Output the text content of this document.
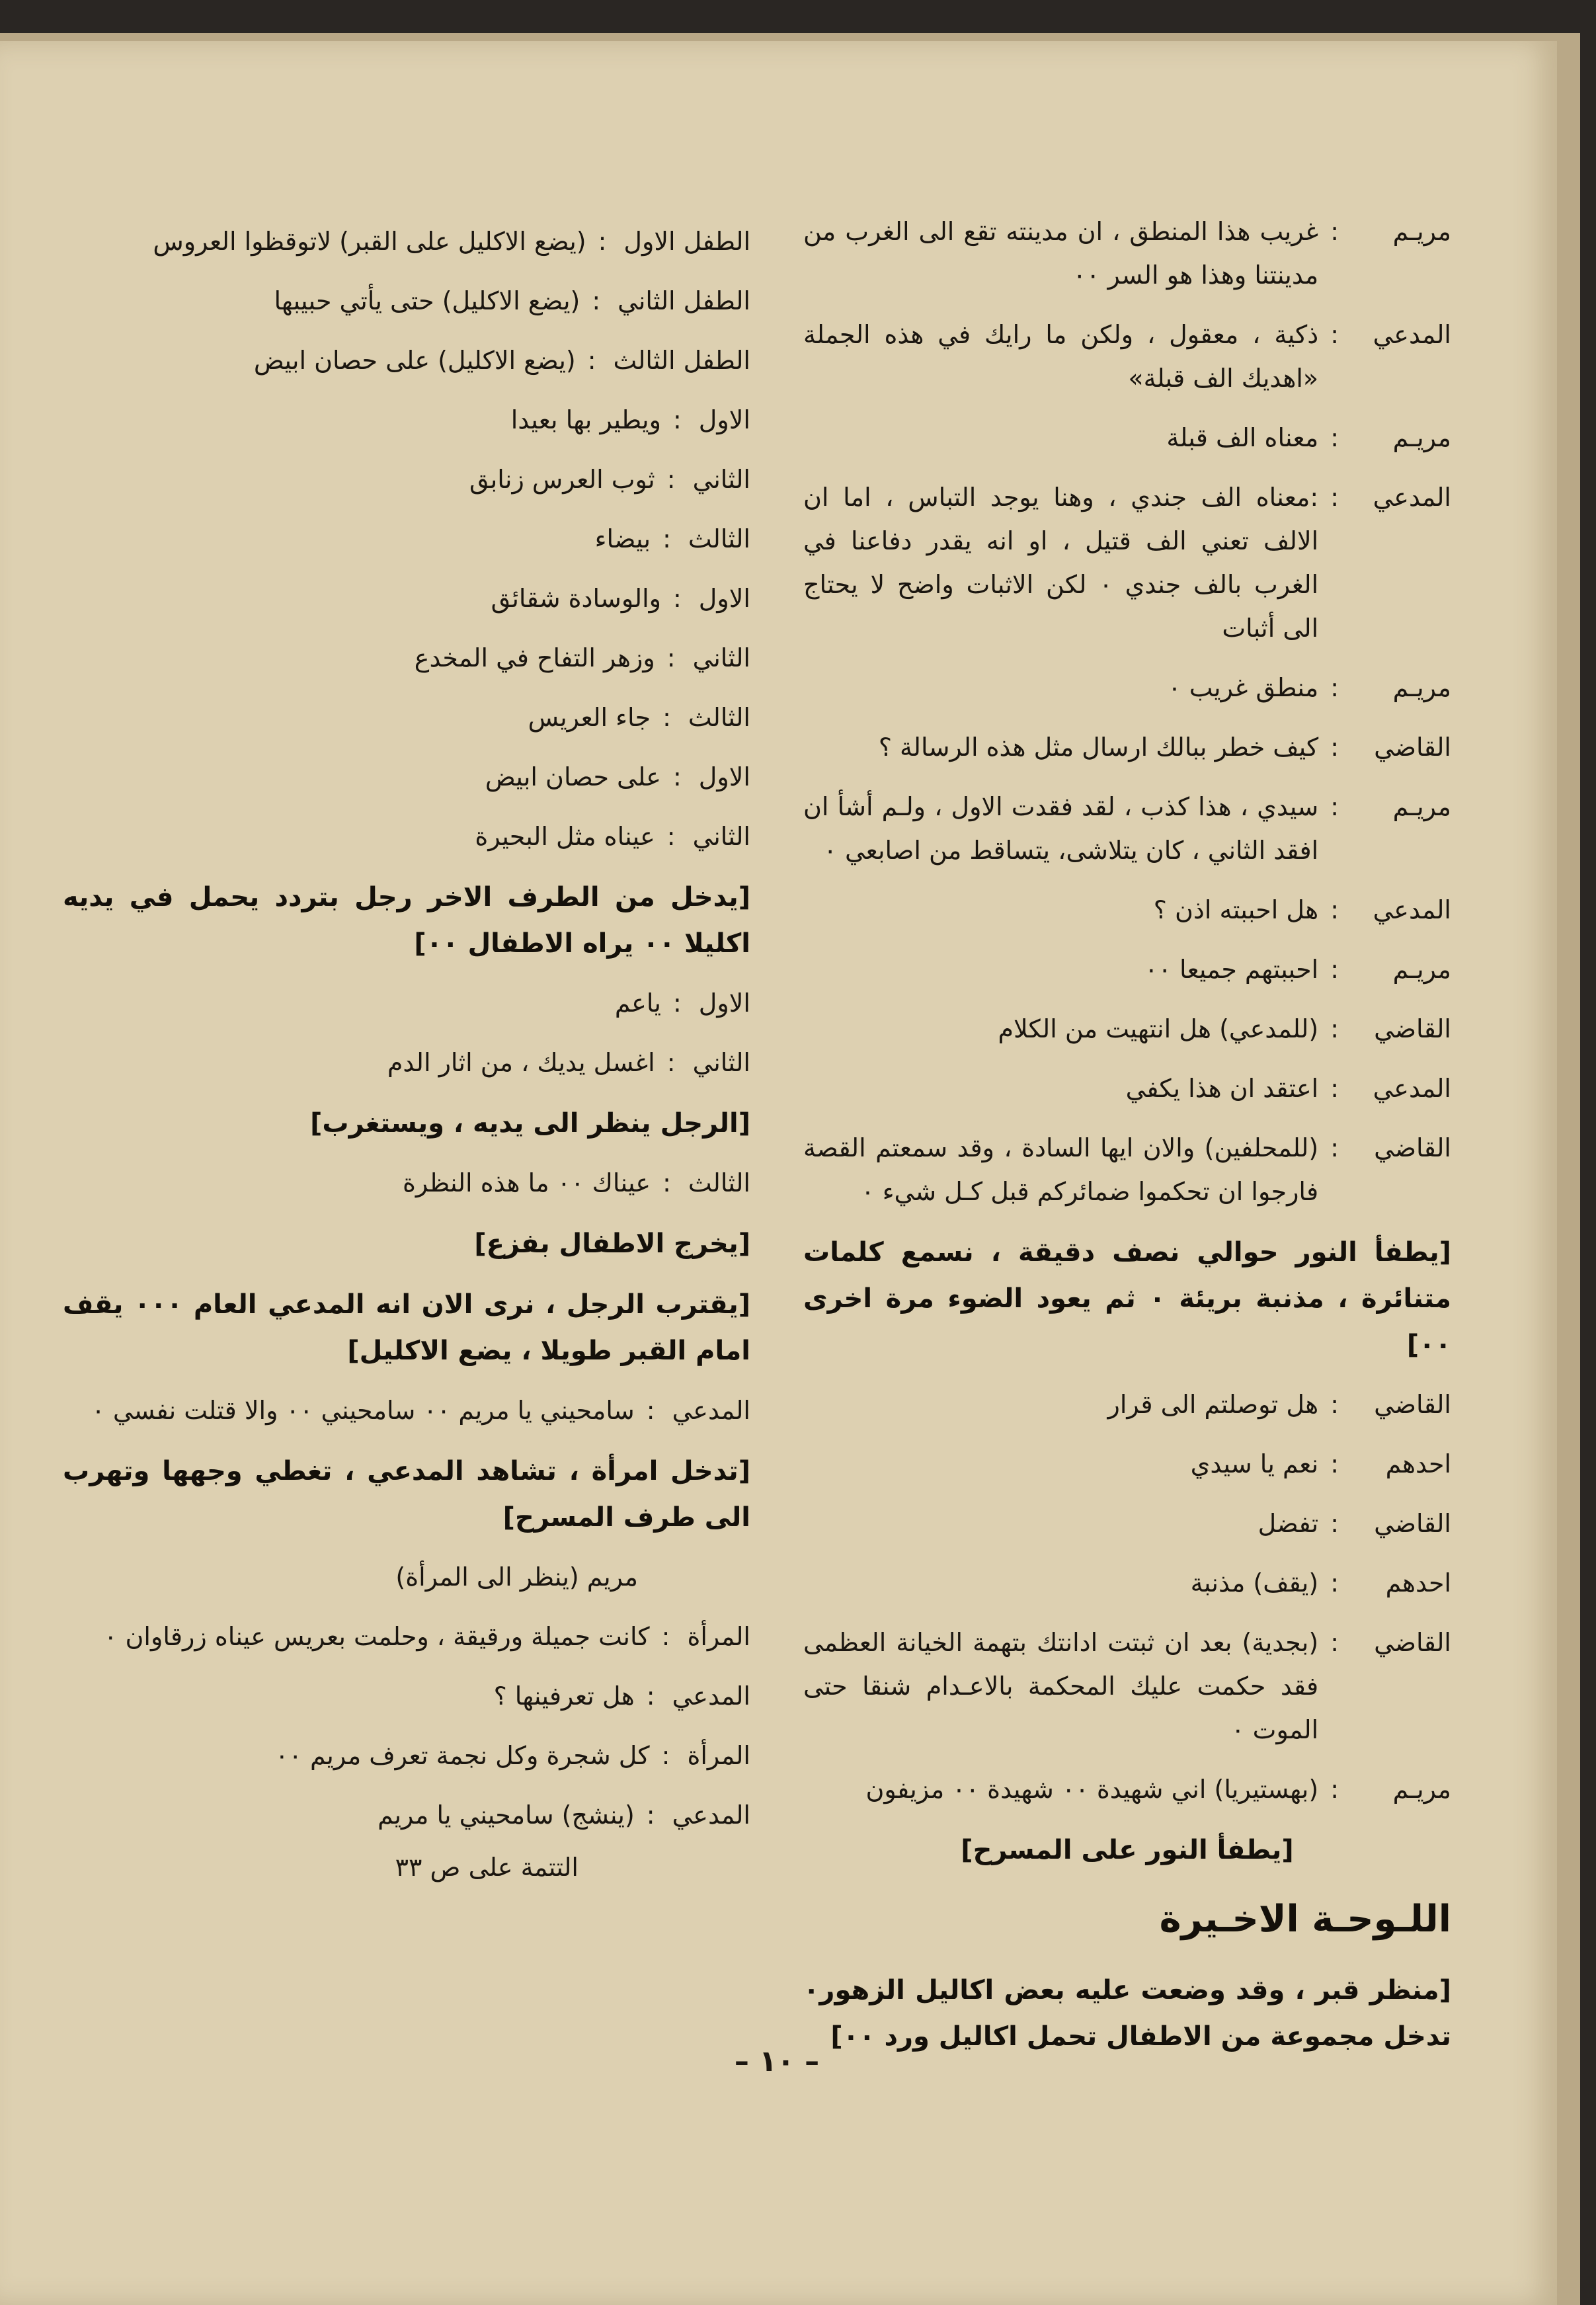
مريـم
:
غريب هذا المنطق ، ان مدينته تقع الى الغرب من مدينتنا وهذا هو السر ٠٠
المدعي
:
ذكية ، معقول ، ولكن ما رايك في هذه الجملة «اهديك الف قبلة»
مريـم
:
معناه الف قبلة
المدعي
:
:معناه الف جندي ، وهنا يوجد التباس ، اما ان الالف تعني الف قتيل ، او انه يقدر دفاعنا في الغرب بالف جندي ٠ لكن الاثبات واضح لا يحتاج الى أثبات
مريـم
:
منطق غريب ٠
القاضي
:
كيف خطر ببالك ارسال مثل هذه الرسالة ؟
مريـم
:
سيدي ، هذا كذب ، لقد فقدت الاول ، ولـم أشأ ان افقد الثاني ، كان يتلاشى، يتساقط من اصابعي ٠
المدعي
:
هل احببته اذن ؟
مريـم
:
احببتهم جميعا ٠٠
القاضي
:
(للمدعي) هل انتهيت من الكلام
المدعي
:
اعتقد ان هذا يكفي
القاضي
:
(للمحلفين) والان ايها السادة ، وقد سمعتم القصة فارجوا ان تحكموا ضمائركم قبل كـل شيء ٠
[يطفأ النور حوالي نصف دقيقة ، نسمع كلمات متنائرة ، مذنبة بريئة ٠ ثم يعود الضوء مرة اخرى ٠٠]
القاضي
:
هل توصلتم الى قرار
احدهم
:
نعم يا سيدي
القاضي
:
تفضل
احدهم
:
(يقف) مذنبة
القاضي
:
(بجدية) بعد ان ثبتت ادانتك بتهمة الخيانة العظمى فقد حكمت عليك المحكمة بالاعـدام شنقا حتى الموت ٠
مريـم
:
(بهستيريا) اني شهيدة ٠٠ شهيدة ٠٠ مزيفون
[يطفأ النور على المسرح]
اللـوحـة الاخـيرة
[منظر قبر ، وقد وضعت عليه بعض اكاليل الزهور٠ تدخل مجموعة من الاطفال تحمل اكاليل ورد ٠٠]
الطفل الاول
:
(يضع الاكليل على القبر) لاتوقظوا العروس
الطفل الثاني
:
(يضع الاكليل) حتى يأتي حبيبها
الطفل الثالث
:
(يضع الاكليل) على حصان ابيض
الاول
:
ويطير بها بعيدا
الثاني
:
ثوب العرس زنابق
الثالث
:
بيضاء
الاول
:
والوسادة شقائق
الثاني
:
وزهر التفاح في المخدع
الثالث
:
جاء العريس
الاول
:
على حصان ابيض
الثاني
:
عيناه مثل البحيرة
[يدخل من الطرف الاخر رجل بتردد يحمل في يديه اكليلا ٠٠ يراه الاطفال ٠٠]
الاول
:
ياعم
الثاني
:
اغسل يديك ، من اثار الدم
[الرجل ينظر الى يديه ، ويستغرب]
الثالث
:
عيناك ٠٠ ما هذه النظرة
[يخرج الاطفال بفزع]
[يقترب الرجل ، نرى الان انه المدعي العام ٠٠٠ يقف امام القبر طويلا ، يضع الاكليل]
المدعي
:
سامحيني يا مريم ٠٠ سامحيني ٠٠ والا قتلت نفسي ٠
[تدخل امرأة ، تشاهد المدعي ، تغطي وجهها وتهرب الى طرف المسرح]
مريم (ينظر الى المرأة)
المرأة
:
كانت جميلة ورقيقة ، وحلمت بعريس عيناه زرقاوان ٠
المدعي
:
هل تعرفينها ؟
المرأة
:
كل شجرة وكل نجمة تعرف مريم ٠٠
المدعي
:
(ينشج) سامحيني يا مريم
التتمة على ص ٣٣
– ١٠ –
